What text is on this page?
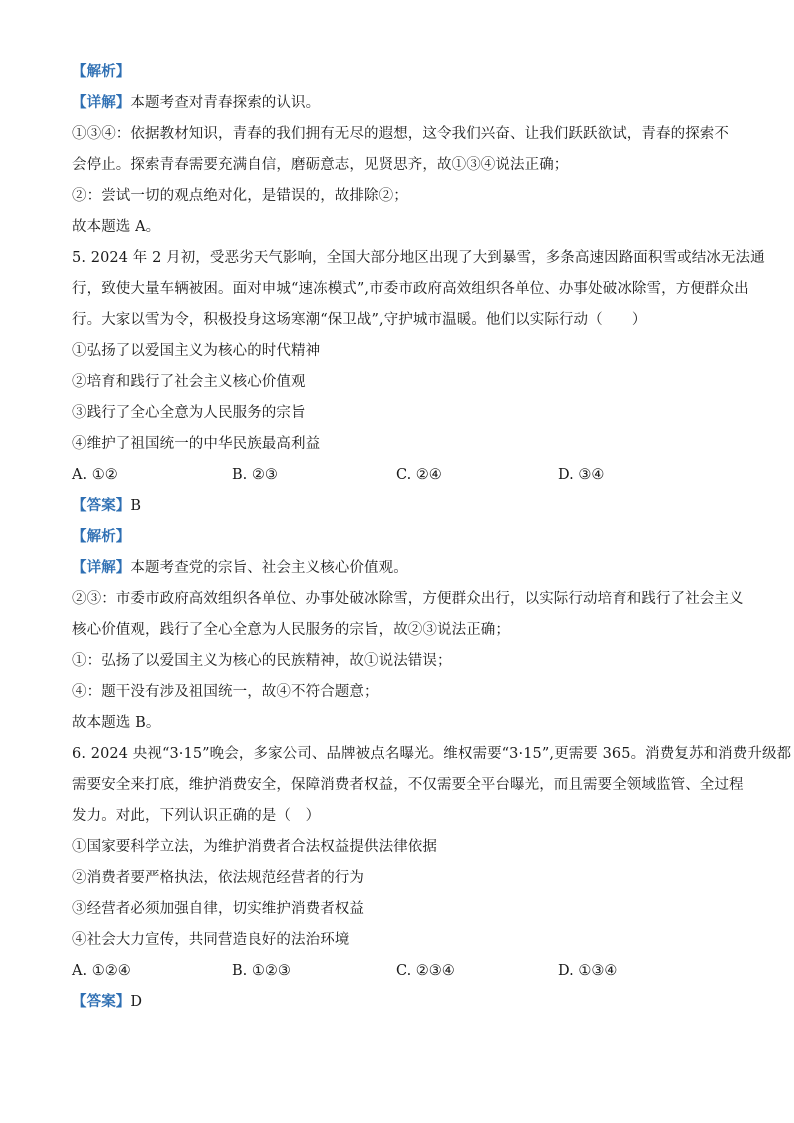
【解析】
【详解】本题考查对青春探索的认识。
①③④：依据教材知识，青春的我们拥有无尽的遐想，这令我们兴奋、让我们跃跃欲试，青春的探索不
会停止。探索青春需要充满自信，磨砺意志，见贤思齐，故①③④说法正确；
②：尝试一切的观点绝对化，是错误的，故排除②；
故本题选 A。
5. 2024 年 2 月初，受恶劣天气影响，全国大部分地区出现了大到暴雪，多条高速因路面积雪或结冰无法通
行，致使大量车辆被困。面对申城“速冻模式”,市委市政府高效组织各单位、办事处破冰除雪，方便群众出
行。大家以雪为令，积极投身这场寒潮“保卫战”,守护城市温暖。他们以实际行动（　　）
①弘扬了以爱国主义为核心的时代精神
②培育和践行了社会主义核心价值观
③践行了全心全意为人民服务的宗旨
④维护了祖国统一的中华民族最高利益
A. ①②	B. ②③	C. ②④	D. ③④
【答案】B
【解析】
【详解】本题考查党的宗旨、社会主义核心价值观。
②③：市委市政府高效组织各单位、办事处破冰除雪，方便群众出行，以实际行动培育和践行了社会主义
核心价值观，践行了全心全意为人民服务的宗旨，故②③说法正确；
①：弘扬了以爱国主义为核心的民族精神，故①说法错误；
④：题干没有涉及祖国统一，故④不符合题意；
故本题选 B。
6. 2024 央视“3·15”晚会，多家公司、品牌被点名曝光。维权需要“3·15”,更需要 365。消费复苏和消费升级都
需要安全来打底，维护消费安全，保障消费者权益，不仅需要全平台曝光，而且需要全领域监管、全过程
发力。对此，下列认识正确的是（　）
①国家要科学立法，为维护消费者合法权益提供法律依据
②消费者要严格执法，依法规范经营者的行为
③经营者必须加强自律，切实维护消费者权益
④社会大力宣传，共同营造良好的法治环境
A. ①②④	B. ①②③	C. ②③④	D. ①③④
【答案】D
